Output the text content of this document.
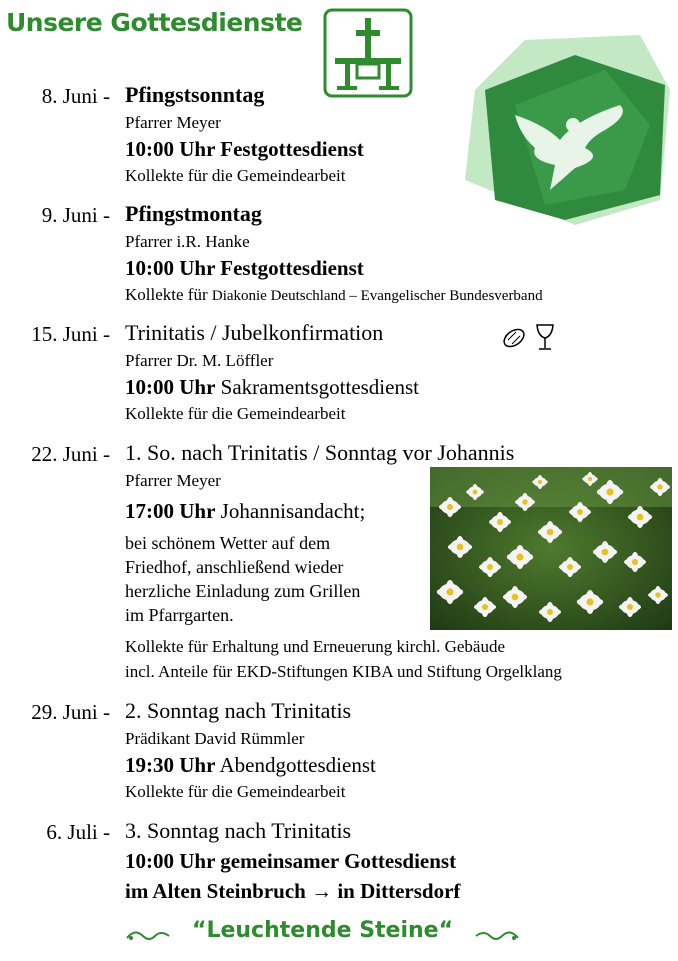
Unsere Gottesdienste
8. Juni - Pfingstsonntag
Pfarrer Meyer
10:00 Uhr Festgottesdienst
Kollekte für die Gemeindearbeit
9. Juni - Pfingstmontag
Pfarrer i.R. Hanke
10:00 Uhr Festgottesdienst
Kollekte für Diakonie Deutschland – Evangelischer Bundesverband
15. Juni - Trinitatis / Jubelkonfirmation
Pfarrer Dr. M. Löffler
10:00 Uhr Sakramentsgottesdienst
Kollekte für die Gemeindearbeit
22. Juni - 1. So. nach Trinitatis / Sonntag vor Johannis
Pfarrer Meyer
17:00 Uhr Johannisandacht;
bei schönem Wetter auf dem
Friedhof, anschließend wieder
herzliche Einladung zum Grillen
im Pfarrgarten.
Kollekte für Erhaltung und Erneuerung kirchl. Gebäude
incl. Anteile für EKD-Stiftungen KIBA und Stiftung Orgelklang
29. Juni - 2. Sonntag nach Trinitatis
Prädikant David Rümmler
19:30 Uhr Abendgottesdienst
Kollekte für die Gemeindearbeit
6. Juli - 3. Sonntag nach Trinitatis
10:00 Uhr gemeinsamer Gottesdienst
im Alten Steinbruch → in Dittersdorf
“Leuchtende Steine“
